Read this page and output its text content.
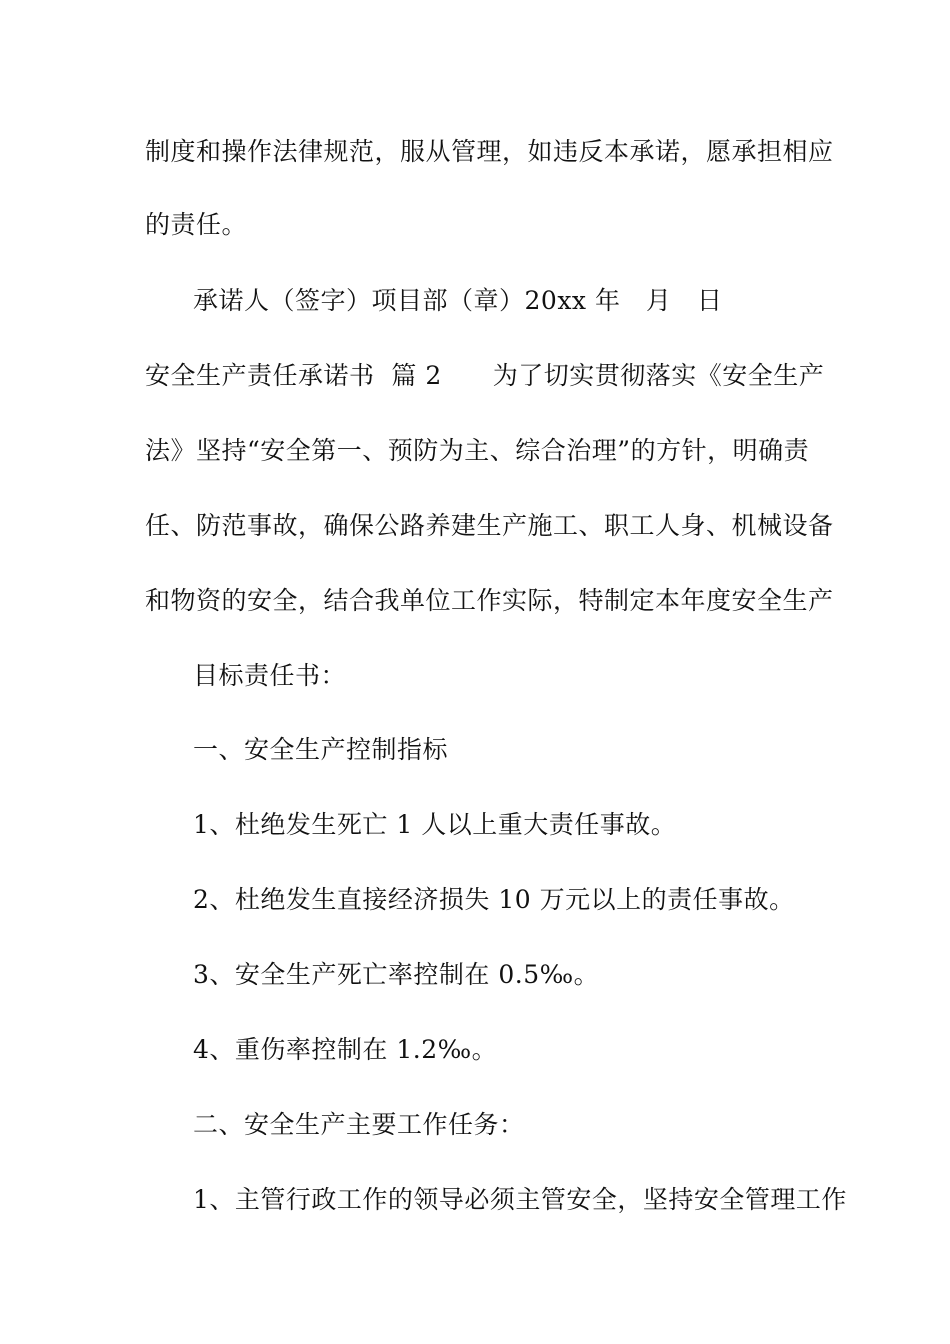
制度和操作法律规范，服从管理，如违反本承诺，愿承担相应
的责任。
承诺人（签字）项目部（章）20xx 年　月　日
安全生产责任承诺书  篇 2　　为了切实贯彻落实《安全生产
法》坚持“安全第一、预防为主、综合治理”的方针，明确责
任、防范事故，确保公路养建生产施工、职工人身、机械设备
和物资的安全，结合我单位工作实际，特制定本年度安全生产
目标责任书：
一、安全生产控制指标
1、杜绝发生死亡 1 人以上重大责任事故。
2、杜绝发生直接经济损失 10 万元以上的责任事故。
3、安全生产死亡率控制在 0.5‰。
4、重伤率控制在 1.2‰。
二、安全生产主要工作任务：
1、主管行政工作的领导必须主管安全，坚持安全管理工作
